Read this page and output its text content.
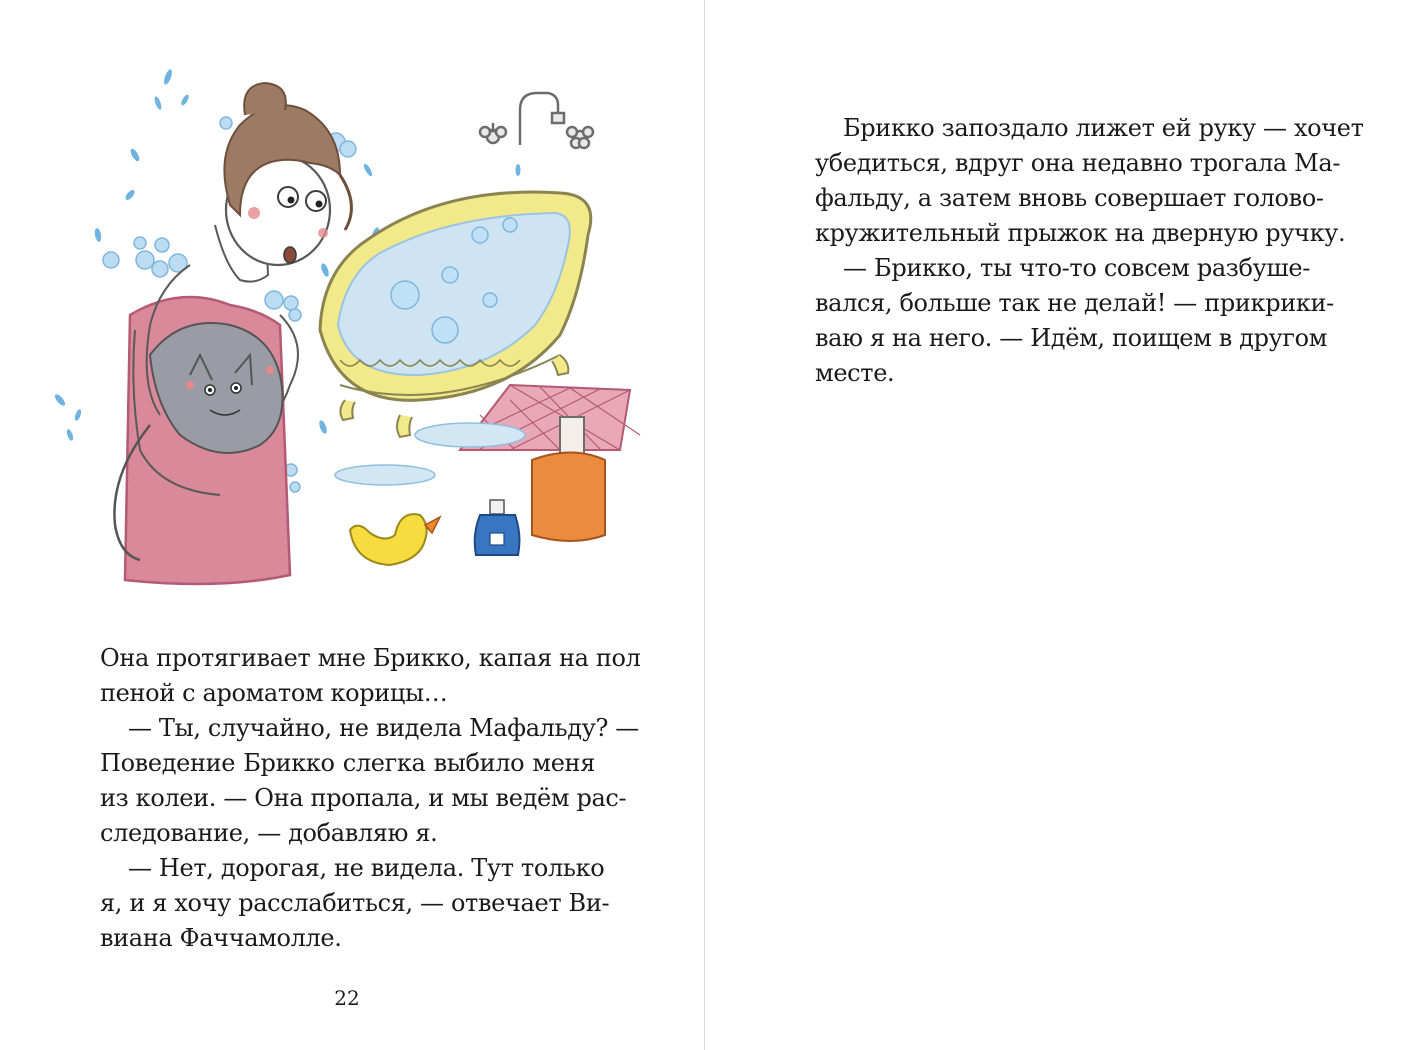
Она протягивает мне Брикко, капая на пол
пеной с ароматом корицы…
— Ты, случайно, не видела Мафальду? —
Поведение Брикко слегка выбило меня
из колеи. — Она пропала, и мы ведём рас-
следование, — добавляю я.
— Нет, дорогая, не видела. Тут только
я, и я хочу расслабиться, — отвечает Ви-
виана Фаччамолле.
22
Брикко запоздало лижет ей руку — хочет
убедиться, вдруг она недавно трогала Ма-
фальду, а затем вновь совершает голово-
кружительный прыжок на дверную ручку.
— Брикко, ты что-то совсем разбуше-
вался, больше так не делай! — прикрики-
ваю я на него. — Идём, поищем в другом
месте.
